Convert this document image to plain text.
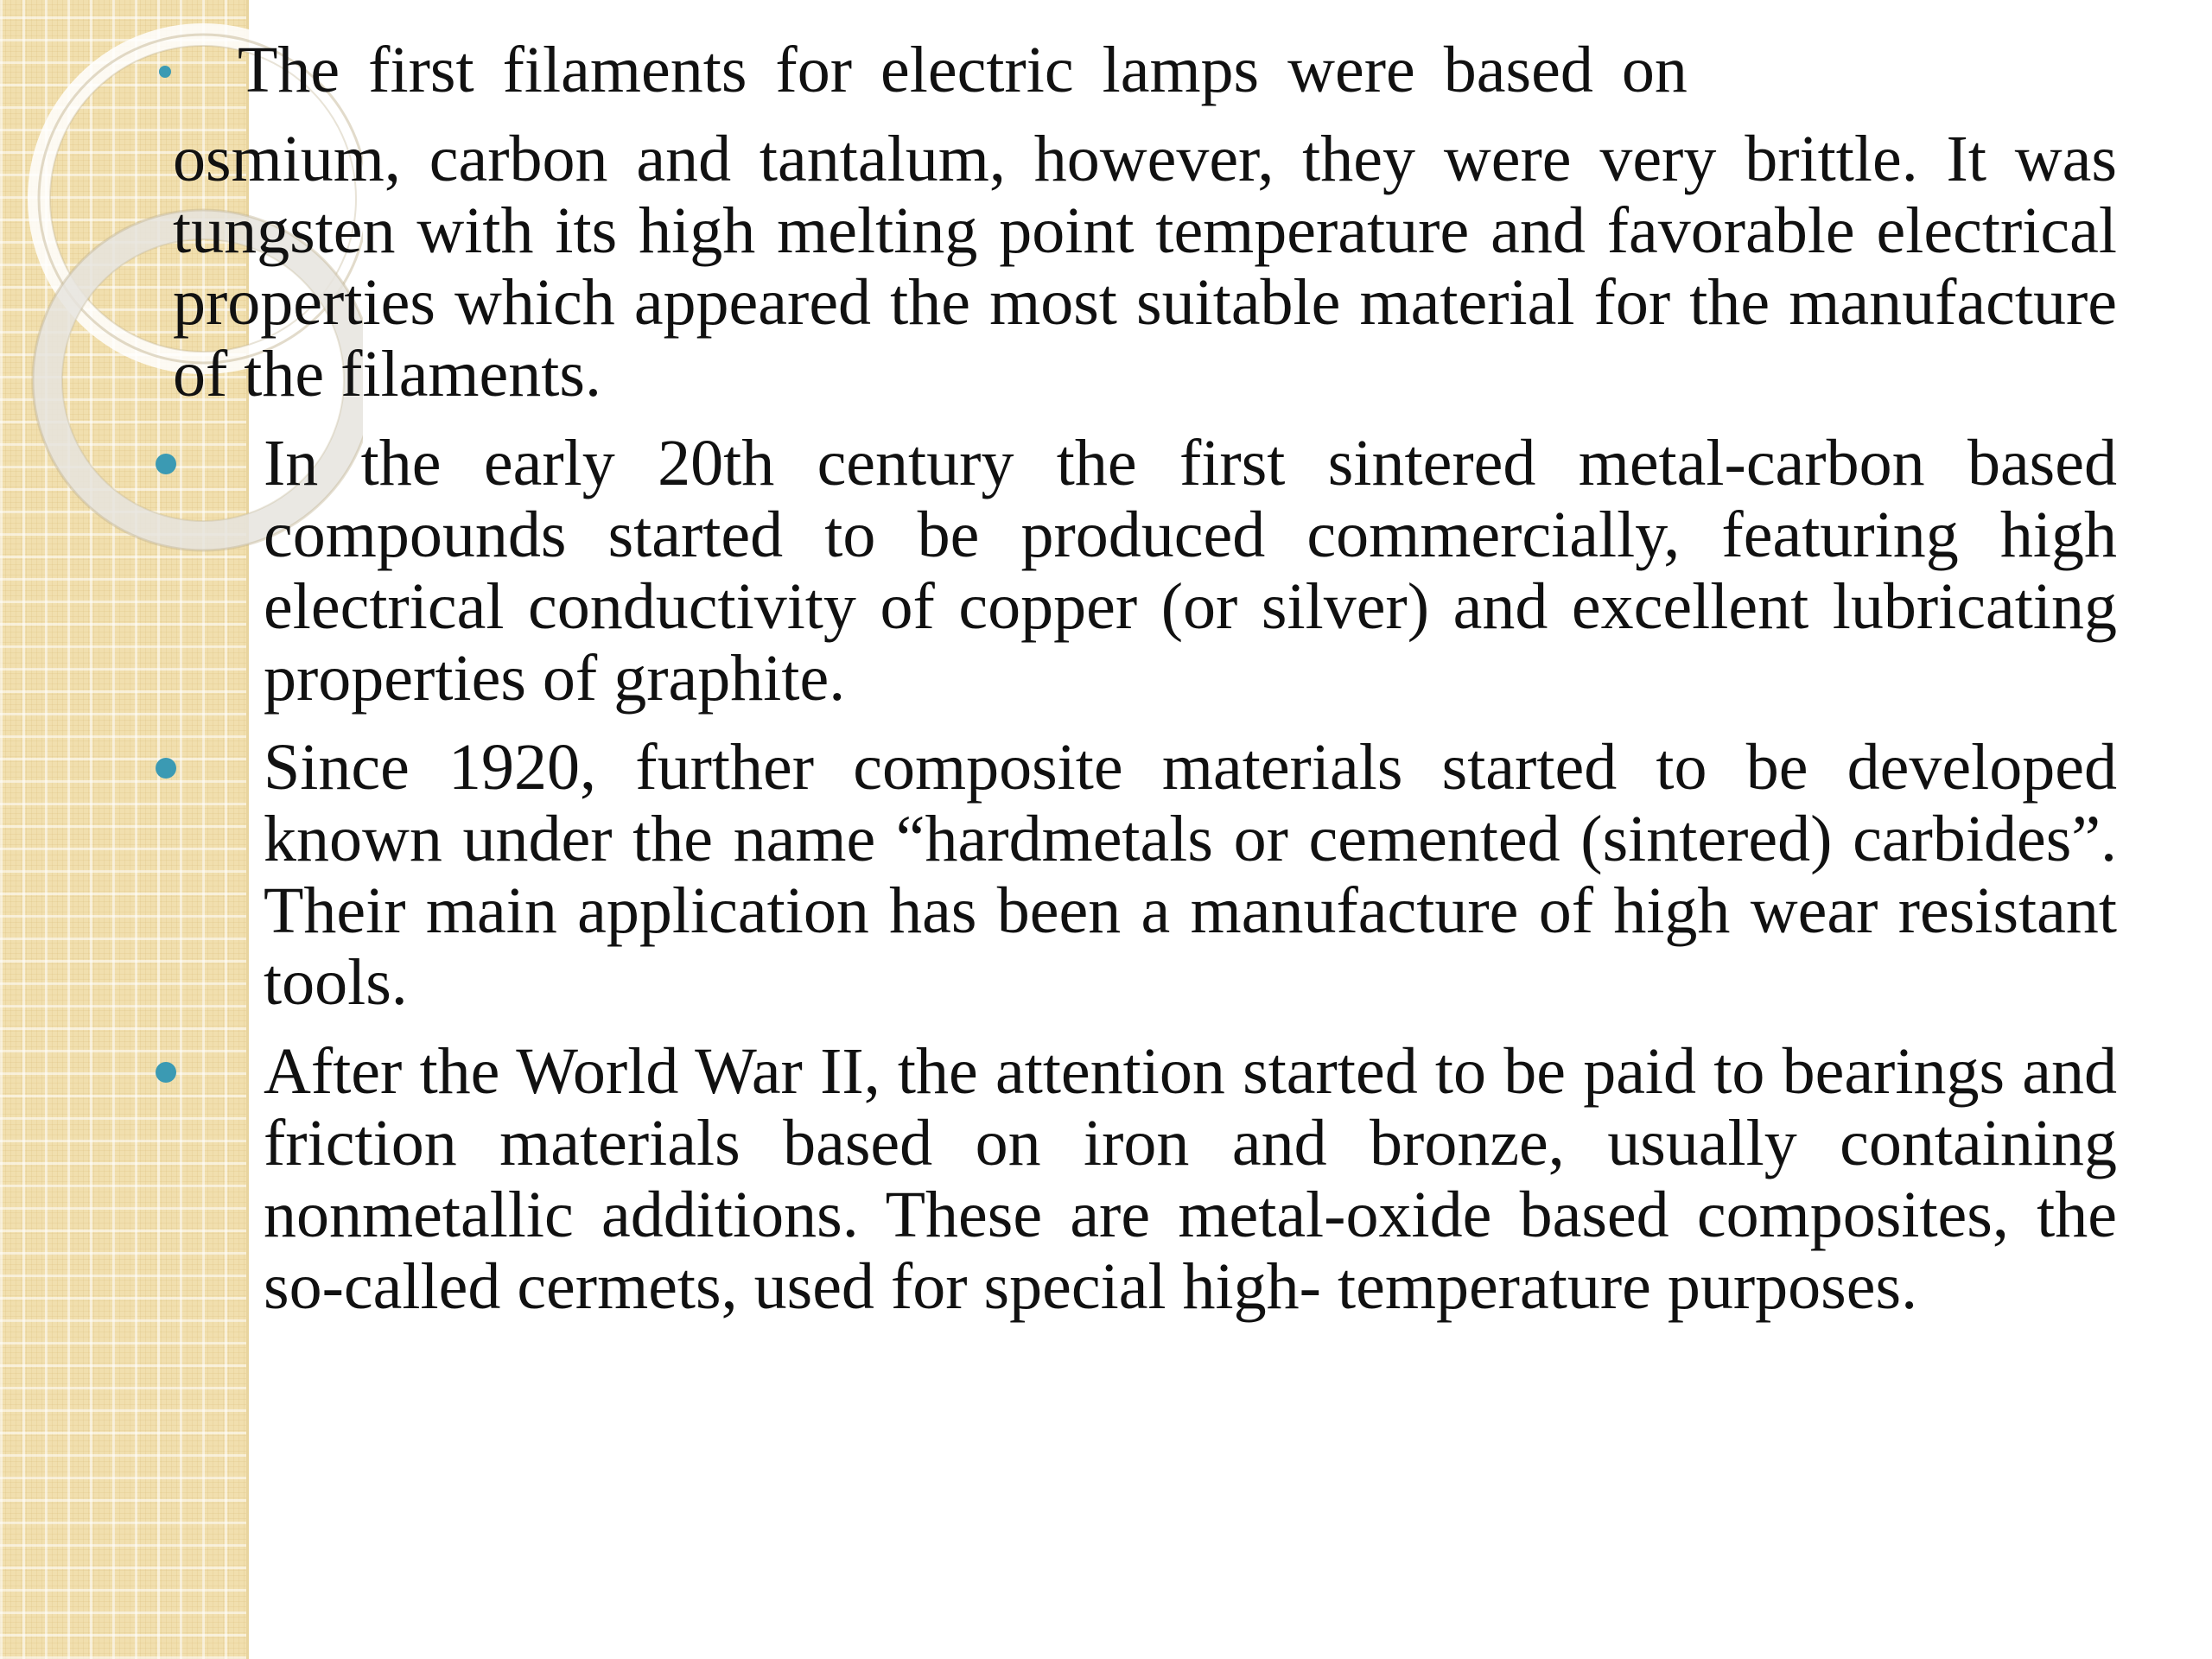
The first filaments for electric lamps were based on
osmium, carbon and tantalum, however, they were very brittle. It was tungsten with its high melting point temperature and favorable electrical properties which appeared the most suitable material for the manufacture of the filaments.
In the early 20th century the first sintered metal-carbon based compounds started to be produced commercially, featuring high electrical conductivity of copper (or silver) and excellent lubricating properties of graphite.
Since 1920, further composite materials started to be developed known under the name “hardmetals or cemented (sintered) carbides”. Their main application has been a manufacture of high wear resistant tools.
After the World War II, the attention started to be paid to bearings and friction materials based on iron and bronze, usually containing nonmetallic additions. These are metal-oxide based composites, the so-called cermets, used for special high- temperature purposes.
